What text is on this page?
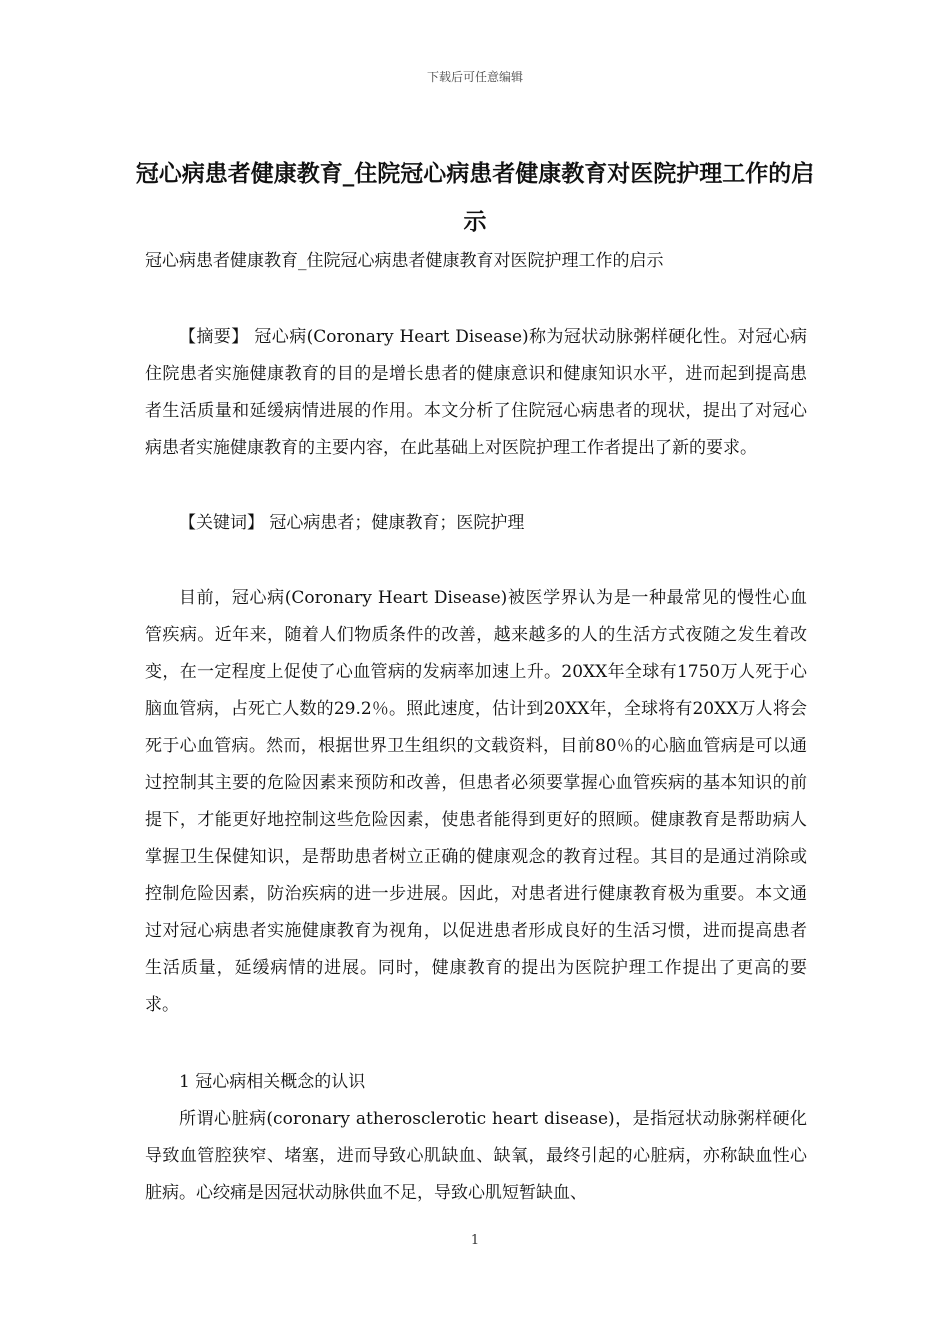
下载后可任意编辑
冠心病患者健康教育_住院冠心病患者健康教育对医院护理工作的启示

冠心病患者健康教育_住院冠心病患者健康教育对医院护理工作的启示

【摘要】 冠心病(Coronary Heart Disease)称为冠状动脉粥样硬化性。对冠心病住院患者实施健康教育的目的是增长患者的健康意识和健康知识水平，进而起到提高患者生活质量和延缓病情进展的作用。本文分析了住院冠心病患者的现状，提出了对冠心病患者实施健康教育的主要内容，在此基础上对医院护理工作者提出了新的要求。

【关键词】 冠心病患者；健康教育；医院护理

目前，冠心病(Coronary Heart Disease)被医学界认为是一种最常见的慢性心血管疾病。近年来，随着人们物质条件的改善，越来越多的人的生活方式夜随之发生着改变，在一定程度上促使了心血管病的发病率加速上升。20XX年全球有1750万人死于心脑血管病，占死亡人数的29.2％。照此速度，估计到20XX年，全球将有20XX万人将会死于心血管病。然而，根据世界卫生组织的文载资料，目前80％的心脑血管病是可以通过控制其主要的危险因素来预防和改善，但患者必须要掌握心血管疾病的基本知识的前提下，才能更好地控制这些危险因素，使患者能得到更好的照顾。健康教育是帮助病人掌握卫生保健知识，是帮助患者树立正确的健康观念的教育过程。其目的是通过消除或控制危险因素，防治疾病的进一步进展。因此，对患者进行健康教育极为重要。本文通过对冠心病患者实施健康教育为视角，以促进患者形成良好的生活习惯，进而提高患者生活质量，延缓病情的进展。同时，健康教育的提出为医院护理工作提出了更高的要求。

1 冠心病相关概念的认识

所谓心脏病(coronary atherosclerotic heart disease)，是指冠状动脉粥样硬化导致血管腔狭窄、堵塞，进而导致心肌缺血、缺氧，最终引起的心脏病，亦称缺血性心脏病。心绞痛是因冠状动脉供血不足，导致心肌短暂缺血、

1
